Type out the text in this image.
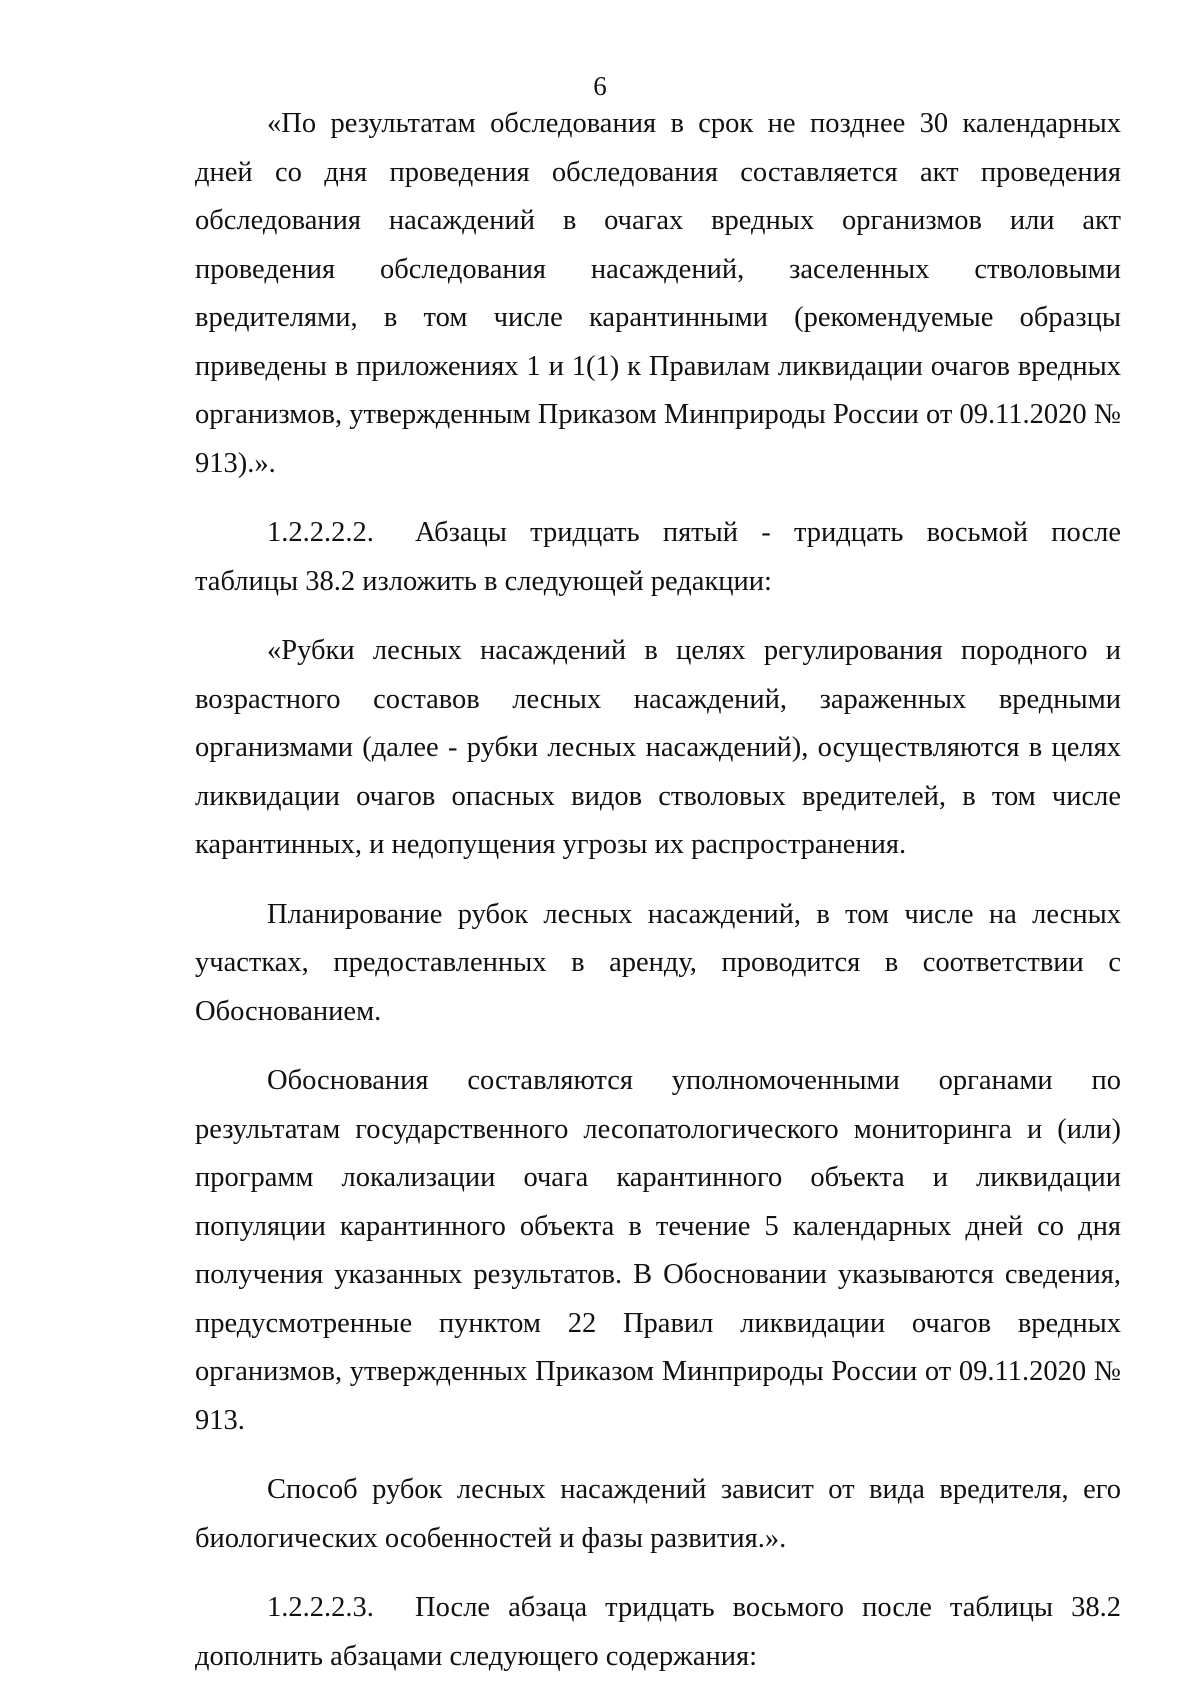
6

«По результатам обследования в срок не позднее 30 календарных дней со дня проведения обследования составляется акт проведения обследования насаждений в очагах вредных организмов или акт проведения обследования насаждений, заселенных стволовыми вредителями, в том числе карантинными (рекомендуемые образцы приведены в приложениях 1 и 1(1) к Правилам ликвидации очагов вредных организмов, утвержденным Приказом Минприроды России от 09.11.2020 № 913).».

1.2.2.2.2. Абзацы тридцать пятый - тридцать восьмой после таблицы 38.2 изложить в следующей редакции:

«Рубки лесных насаждений в целях регулирования породного и возрастного составов лесных насаждений, зараженных вредными организмами (далее - рубки лесных насаждений), осуществляются в целях ликвидации очагов опасных видов стволовых вредителей, в том числе карантинных, и недопущения угрозы их распространения.

Планирование рубок лесных насаждений, в том числе на лесных участках, предоставленных в аренду, проводится в соответствии с Обоснованием.

Обоснования составляются уполномоченными органами по результатам государственного лесопатологического мониторинга и (или) программ локализации очага карантинного объекта и ликвидации популяции карантинного объекта в течение 5 календарных дней со дня получения указанных результатов. В Обосновании указываются сведения, предусмотренные пунктом 22 Правил ликвидации очагов вредных организмов, утвержденных Приказом Минприроды России от 09.11.2020 № 913.

Способ рубок лесных насаждений зависит от вида вредителя, его биологических особенностей и фазы развития.».

1.2.2.2.3. После абзаца тридцать восьмого после таблицы 38.2 дополнить абзацами следующего содержания:
